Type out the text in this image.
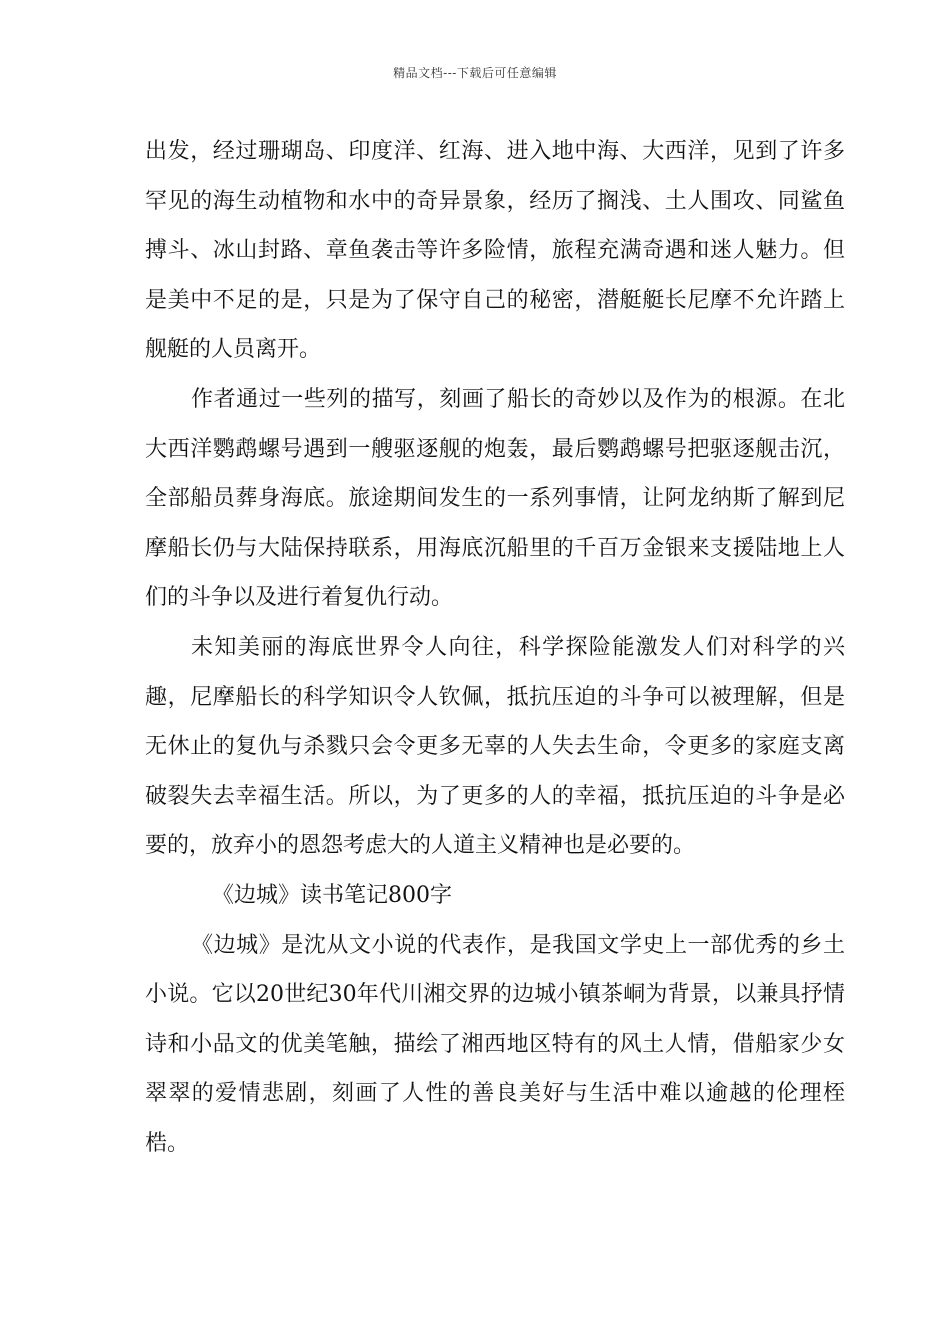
精品文档---下载后可任意编辑

出发，经过珊瑚岛、印度洋、红海、进入地中海、大西洋，见到了许多罕见的海生动植物和水中的奇异景象，经历了搁浅、土人围攻、同鲨鱼搏斗、冰山封路、章鱼袭击等许多险情，旅程充满奇遇和迷人魅力。但是美中不足的是，只是为了保守自己的秘密，潜艇艇长尼摩不允许踏上舰艇的人员离开。

作者通过一些列的描写，刻画了船长的奇妙以及作为的根源。在北大西洋鹦鹉螺号遇到一艘驱逐舰的炮轰，最后鹦鹉螺号把驱逐舰击沉，全部船员葬身海底。旅途期间发生的一系列事情，让阿龙纳斯了解到尼摩船长仍与大陆保持联系，用海底沉船里的千百万金银来支援陆地上人们的斗争以及进行着复仇行动。

未知美丽的海底世界令人向往，科学探险能激发人们对科学的兴趣，尼摩船长的科学知识令人钦佩，抵抗压迫的斗争可以被理解，但是无休止的复仇与杀戮只会令更多无辜的人失去生命，令更多的家庭支离破裂失去幸福生活。所以，为了更多的人的幸福，抵抗压迫的斗争是必要的，放弃小的恩怨考虑大的人道主义精神也是必要的。

《边城》读书笔记800字

《边城》是沈从文小说的代表作，是我国文学史上一部优秀的乡土小说。它以20世纪30年代川湘交界的边城小镇茶峒为背景，以兼具抒情诗和小品文的优美笔触，描绘了湘西地区特有的风土人情，借船家少女翠翠的爱情悲剧，刻画了人性的善良美好与生活中难以逾越的伦理桎梏。
